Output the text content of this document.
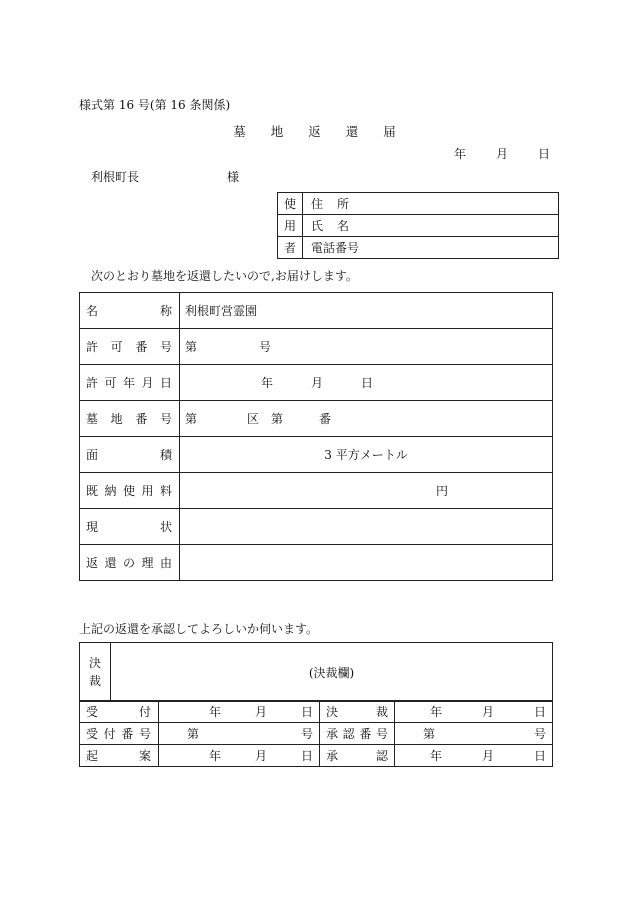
様式第 16 号(第 16 条関係)
墓 地 返 還 届
年	月	日
利根町長	様
使	住 所

用	氏 名

者	電話番号
次のとおり墓地を返還したいので,お届けします。
名 称	利根町営霊園

許 可 番 号	第 号

許 可 年 月 日	年 月 日

墓 地 番 号	第 区 第 番

面 積	3 平方メートル

既 納 使 用 料	円

現 状	

返 還 の 理 由	

上記の返還を承認してよろしいか伺います。
決
裁	(決裁欄)
受 付	年 月 日	決 裁	年 月 日

受 付 番 号	第 号	承 認 番 号	第 号

起 案	年 月 日	承 認	年 月 日
